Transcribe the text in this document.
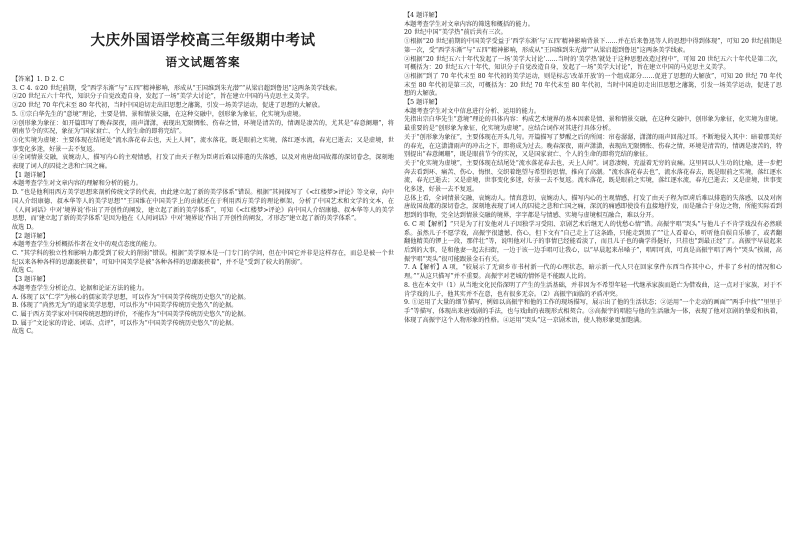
大庆外国语学校高三年级期中考试
语文试题答案

【答案】1. D 2. C

3. C 4. ①20 世纪前期，受“西学东渐”与“五四”精神影响，形成从“王国维到朱光潜”“从梁启超到鲁迅”这两条美学线索。

②20 世纪五六十年代，知识分子自觉改造自身，发起了一场“美学大讨论”，旨在建立中国的马克思主义美学。

③20 世纪 70 年代末至 80 年代初，当时中国迫切走出旧思想之藩篱，引发一场美学运动，促进了思想的大解放。

5. ①宗白华先生的“意境”理论，主要是情、景和情景交融，在这种交融中，创形象为象征，化实境为虚境。

②创形象为象征：如开篇即写了晚春深夜，雨声潇潇，表现出无限惆怅、伤春之情，环境是清苦的，情调是凄苦的，尤其是“春意阑珊”，将朝南节令的实况，象征为“国家衰亡、个人的生命的即将完结”。

③化实境为虚境：主要体现在结尾处“流水落花春去也，天上人间”，流水落花，既是眼前之实境，落红逐水流，春光已逝去；又是虚境，世事变化多迷，好景一去不复返。

④全词情景交融，哀婉动人，描写内心的主观情感，打发了由天子程为臣虏后难以排遣的失落感，以及对南唐故国故都的深切眷念，深刻地表现了词人的囚徒之悲和亡国之痛。

【1 题详解】

本题考查学生对文章内容的理解和分析的能力。

D. “也是他利用西方美学思想来剖析传统文学的代表，由此建立起了新的美学体系”错误。根据“其间探写了《<红楼梦>评论》等文章，向中国人介绍康德、叔本华等人的美学思想”“王国维在中国美学上的贡献还在于利用西方美学的理论框架，分析了中国艺术和文学的文本，在《人间词话》中对‘境界说’作出了开创性的阐发，建立起了新的美学体系”，可知《<红楼梦>评论》向中国人介绍康德、叔本华等人的美学思想，而‘建立起了新的美学体系’是因为他在《人间词话》中对‘境界说’作出了开创性的阐发，才形态”建立起了新的美学体系”。

故选 D。

【2 题详解】

本题考查学生分析概括作者在文中的观点态度的能力。

C. “其学科的独立性和影响力都受到了较大的削弱”错误。根据“美学原本是一门专门的学问，但在中国它并非是这样存在，而总是被一个世纪以来各种各样的思潮裹挟着”，可知中国美学是被“各种各样的思潮裹挟着”，并不是“受到了较大的削弱”。

故选 C。

【3 题详解】

本题考查学生分析论点、论据和论证方法的能力。

A. 体现了以“仁学”为核心的儒家美学思想，可以作为“中国美学传统历史悠久”的论据。

B. 体现了“尚然无为”的道家美学思想，可以作为“中国美学传统历史悠久”的论据。

C. 属于西方美学家对中国传统思想的评价，不能作为“中国美学传统历史悠久”的论据。

D. 属于“文论家的诗论、词话、点评”，可以作为“中国美学传统历史悠久”的论据。

故选 C。

【4 题详解】

本题考查学生对文章内容的筛选和概括的能力。

20 世纪中国“美学热”前后共有三次。

①根据“20 世纪前期的中国美学受益于‘西学东渐’与‘五四’精神影响背景下……并在后来鲁迅等人的思想中得到体现”，可知 20 世纪前期是第一次，受“西学东渐”与“五四”精神影响，形成从“王国维到朱光潜”“从梁启超到鲁迅”这两条美学线索。

②根据“20 世纪五六十年代发起了一场‘美学大讨论’……当时的‘美学热’就处于这种思想改造过程中”，可知 20 世纪五六十年代是第二次，可概括为：20 世纪五六十年代，知识分子自觉改造自身，发起了一场“美学大讨论”，旨在建立中国的马克思主义美学。

③根据“到了 70 年代末至 80 年代初的美学运动，则是标志‘改革开放’的一个组成部分……促进了思想的大解放”，可知 20 世纪 70 年代末至 80 年代初是第三次，可概括为：20 世纪 70 年代末至 80 年代初，当时中国迫切走出旧思想之藩篱，引发一场美学运动，促进了思想的大解放。

【5 题详解】

本题考查学生对文中信息进行分析、运用的能力。

先指出宗白华先生“意境”理论的具体内容：构成艺术境界的基本因素是情、景和情景交融，在这种交融中，创形象为象征，化实境为虚境。最重要的是“创形象为象征，化实境为虚境”。应结合词作对其进行具体分析。

关于“创形象为象征”，主要体现在开头几句。开篇描写了梦醒之后的所闻：帘卷潺潺，潇潇的雨声回荡过耳。不断地侵入其中：暗着那美好的春光，在这潇潇雨声的冲击之下，即将成为过去。晚春深夜，雨声潇潇，表现出无限惆怅、伤春之情，环境是清苦的，情调是凄苦的，特别提出“春意阑珊”，既是眼前节令的实况，又是国家衰亡、个人的生命的即将完结的象征。

关于“化实境为虚境”，主要体现在结尾处“流水落花春去也，天上人间”。词意凄婉，充溢着无穷的哀痛。这里同以人生功的比喻，进一步把奔去看到环、痛苦、伤心、悔恨、交织着绝望与希望的思情，推向了高潮。“流水落花春去也”，流水落花春去，既是眼前之实境，落红逐水流，春光已逝去；又是虚境，世事变化多迷，好景一去不复返。流水落花，既是眼前之实境，落红逐水流，春光已逝去；又是虚境，世事变化多迷，好景一去不复返。

总体上看，全词情景交融，哀婉动人。情真意切，哀婉动人，描写内心的主观情感，打发了由天子程为臣虏后难以排遣的失落感，以及对南唐故国故都的深切眷念，深刻地表现了词人的囚徒之悲和亡国之痛，深沉的痛感即使没有直接地抒发，而是融合于身边之物，所能实际看到想到的事物，完全达到情景交融的境界，字字都是与情感、实境与虚境相互融合，难以分开。

6. C 项【解析】“只是为了打发他对儿子因独学习受阻、京剧艺术后继无人的忧愁心情”错。高振宇唱“哭头”与他儿子不肯学戏没有必然联系。虽然儿子不愿学戏，高振宇很遗憾、伤心，但下文有“自己走上了这条路，只能走到黑了”“让人看着心，听听他自娱自乐够了，或者翻翻他精美的锣上一段，那伴壮”等，说明他对儿子的事情已经能看淡了，而且儿子也的确学得挺好，只挂也“到最正经”了。高振宇早晨起来后到的大事，是和他妻一起去扫街，一边于该一边手唱可让我心，以“早晨起来吊嗓子”，唱唱可真，可真是高振宇唱了两个“哭头”挨闹，高振宇唱“哭头”很可能跟景金石有关。

7. A【解析】A 项，“较展示了无窗乡市书村新一代的心理状态，暗示新一代人只在回家拿件东西当作其中心，并非了乡村的情况和心理。”“从这只描写”并不重要。高振宇对老城的情怀是不能跟人比的。

8. 也在本文中（1）从当地文化民俗深明了产生的生活基础，并非因为不希望年轻一代继承家族而逝亡为借戏曲，这一点对于家族，对于不肯学戏的儿子，他其实并不在意，也有很多无奈。（2）高振宇面临的矛盾冲突。

9. ①运用了大量的细节描写，例如以高振宇和他的工作的现场描写，展示出了他的生活状态；②运用“一个走动的画面”“两手中找”“里里于手”等描写，体现出来唐戏剧的手法，也与戏曲的表现形式相契合。③高振宇的唱腔与他的生活融为一体，表现了他对京剧的挚爱和执着，体现了高振宇这个人物形象的性格。④运用“哭头”这一京剧术语，使人物形象更加饱满。
